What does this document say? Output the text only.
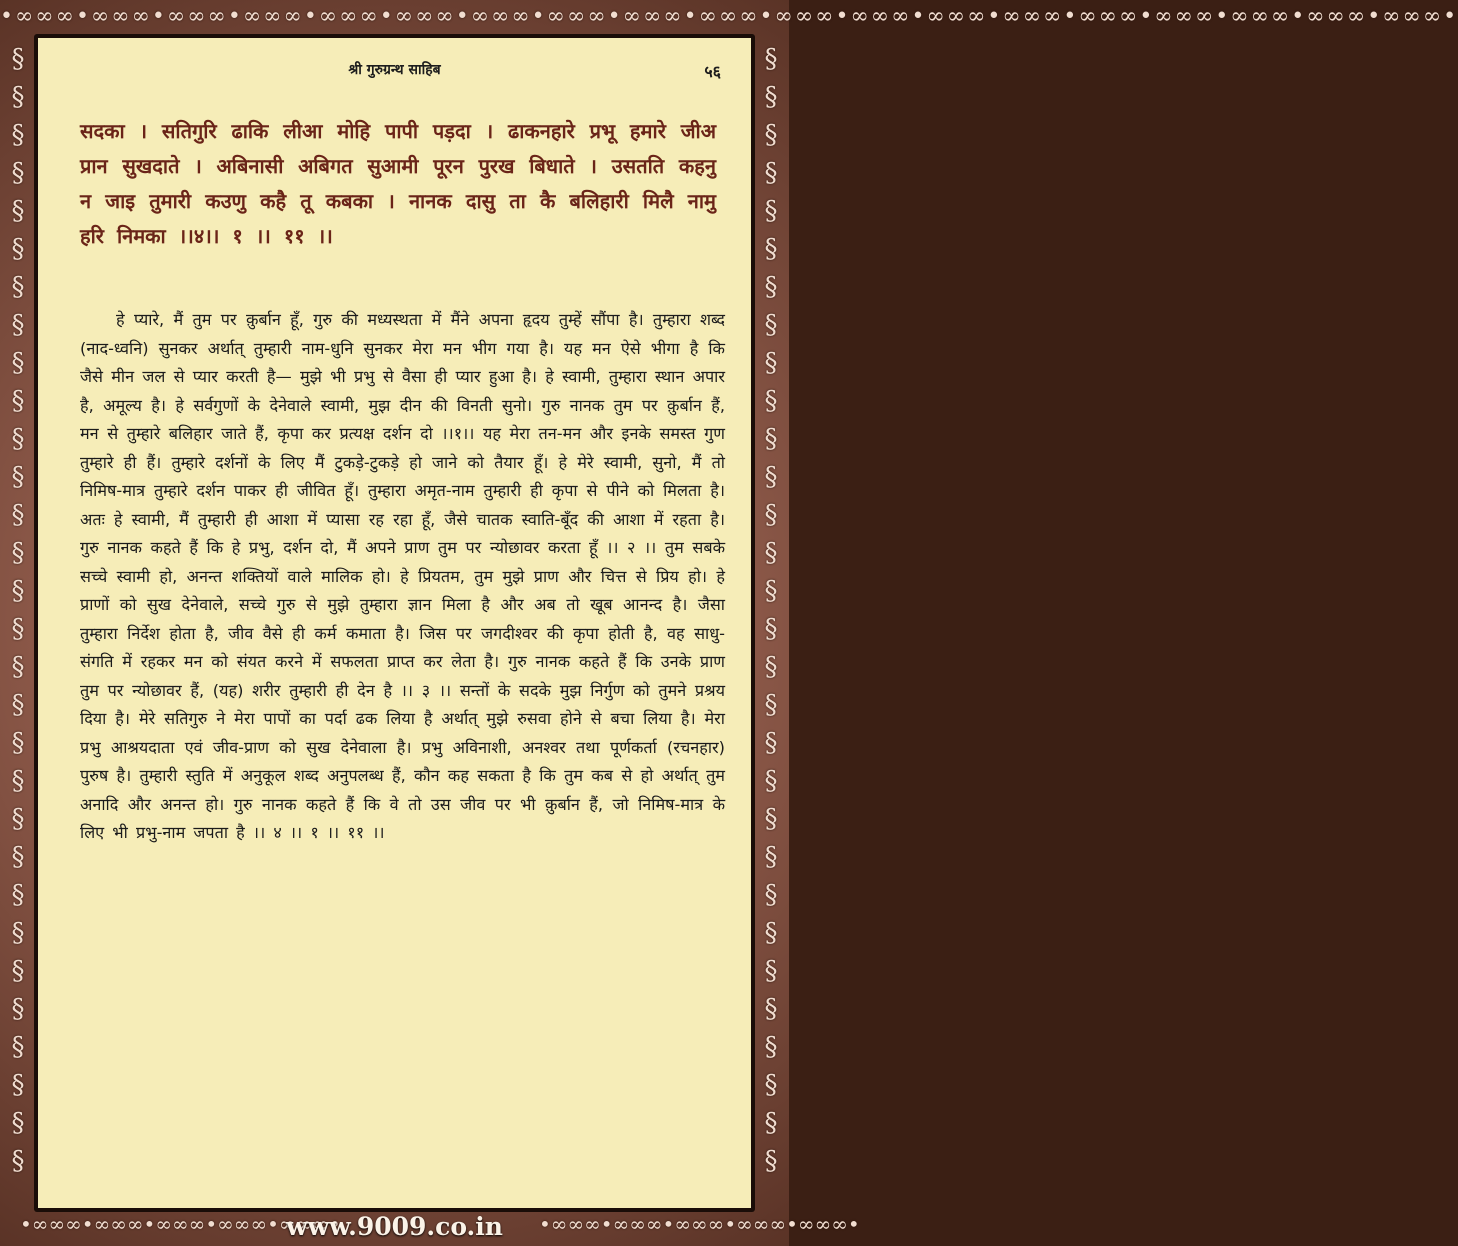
•∞∞∞•∞∞∞•∞∞∞•∞∞∞•∞∞∞•∞∞∞•∞∞∞•∞∞∞•∞∞∞•∞∞∞•∞∞∞•∞∞∞•∞∞∞•∞∞∞•∞∞∞•∞∞∞•∞∞∞•∞∞∞•∞∞∞•
§
§
§
§
§
§
§
§
§
§
§
§
§
§
§
§
§
§
§
§
§
§
§
§
§
§
§
§
§
§
§
§
§
§
§
§
§
§
§
§
§
§
§
§
§
§
§
§
§
§
§
§
§
§
§
§
§
§
§
§
•∞∞∞•∞∞∞•∞∞∞•∞∞∞•∞∞∞•	•∞∞∞•∞∞∞•∞∞∞•∞∞∞•∞∞∞•
www.9009.co.in
श्री गुरुग्रन्थ साहिब	५६
सदका । सतिगुरि ढाकि लीआ मोहि पापी पड़दा । ढाकनहारे प्रभू हमारे जीअ प्रान सुखदाते । अबिनासी अबिगत सुआमी पूरन पुरख बिधाते । उसतति कहनु न जाइ तुमारी कउणु कहै तू कबका । नानक दासु ता कै बलिहारी मिलै नामु हरि निमका ।।४।। १ ।। ११ ।।

हे प्यारे, मैं तुम पर क़ुर्बान हूँ, गुरु की मध्यस्थता में मैंने अपना हृदय तुम्हें सौंपा है। तुम्हारा शब्द (नाद-ध्वनि) सुनकर अर्थात् तुम्हारी नाम-धुनि सुनकर मेरा मन भीग गया है। यह मन ऐसे भीगा है कि जैसे मीन जल से प्यार करती है— मुझे भी प्रभु से वैसा ही प्यार हुआ है। हे स्वामी, तुम्हारा स्थान अपार है, अमूल्य है। हे सर्वगुणों के देनेवाले स्वामी, मुझ दीन की विनती सुनो। गुरु नानक तुम पर क़ुर्बान हैं, मन से तुम्हारे बलिहार जाते हैं, कृपा कर प्रत्यक्ष दर्शन दो ।।१।। यह मेरा तन-मन और इनके समस्त गुण तुम्हारे ही हैं। तुम्हारे दर्शनों के लिए मैं टुकड़े-टुकड़े हो जाने को तैयार हूँ। हे मेरे स्वामी, सुनो, मैं तो निमिष-मात्र तुम्हारे दर्शन पाकर ही जीवित हूँ। तुम्हारा अमृत-नाम तुम्हारी ही कृपा से पीने को मिलता है। अतः हे स्वामी, मैं तुम्हारी ही आशा में प्यासा रह रहा हूँ, जैसे चातक स्वाति-बूँद की आशा में रहता है। गुरु नानक कहते हैं कि हे प्रभु, दर्शन दो, मैं अपने प्राण तुम पर न्योछावर करता हूँ ।। २ ।। तुम सबके सच्चे स्वामी हो, अनन्त शक्तियों वाले मालिक हो। हे प्रियतम, तुम मुझे प्राण और चित्त से प्रिय हो। हे प्राणों को सुख देनेवाले, सच्चे गुरु से मुझे तुम्हारा ज्ञान मिला है और अब तो खूब आनन्द है। जैसा तुम्हारा निर्देश होता है, जीव वैसे ही कर्म कमाता है। जिस पर जगदीश्वर की कृपा होती है, वह साधु-संगति में रहकर मन को संयत करने में सफलता प्राप्त कर लेता है। गुरु नानक कहते हैं कि उनके प्राण तुम पर न्योछावर हैं, (यह) शरीर तुम्हारी ही देन है ।। ३ ।। सन्तों के सदके मुझ निर्गुण को तुमने प्रश्रय दिया है। मेरे सतिगुरु ने मेरा पापों का पर्दा ढक लिया है अर्थात् मुझे रुसवा होने से बचा लिया है। मेरा प्रभु आश्रयदाता एवं जीव-प्राण को सुख देनेवाला है। प्रभु अविनाशी, अनश्वर तथा पूर्णकर्ता (रचनहार) पुरुष है। तुम्हारी स्तुति में अनुकूल शब्द अनुपलब्ध हैं, कौन कह सकता है कि तुम कब से हो अर्थात् तुम अनादि और अनन्त हो। गुरु नानक कहते हैं कि वे तो उस जीव पर भी क़ुर्बान हैं, जो निमिष-मात्र के लिए भी प्रभु-नाम जपता है ।। ४ ।। १ ।। ११ ।।
